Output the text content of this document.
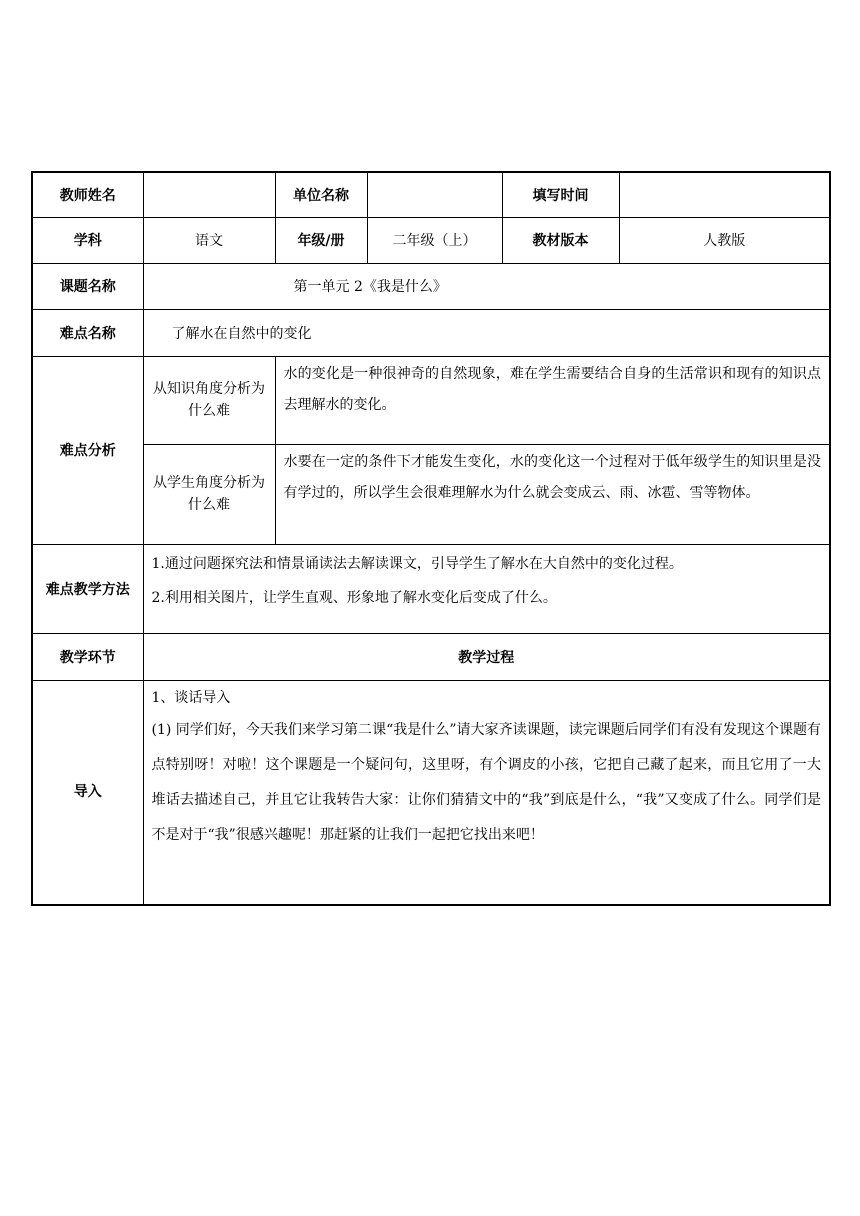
教师姓名		单位名称		填写时间	
学科	语文	年级/册	二年级（上）	教材版本	人教版
课题名称	第一单元 2《我是什么》				
难点名称	了解水在自然中的变化				
难点分析	从知识角度分析为什么难	水的变化是一种很神奇的自然现象，难在学生需要结合自身的生活常识和现有的知识点去理解水的变化。			
	从学生角度分析为什么难	水要在一定的条件下才能发生变化，水的变化这一个过程对于低年级学生的知识里是没有学过的，所以学生会很难理解水为什么就会变成云、雨、冰雹、雪等物体。			
难点教学方法	1.通过问题探究法和情景诵读法去解读课文，引导学生了解水在大自然中的变化过程。
2.利用相关图片，让学生直观、形象地了解水变化后变成了什么。				

教学环节	教学过程				
导入	1、谈话导入
(1) 同学们好，今天我们来学习第二课“我是什么”请大家齐读课题，读完课题后同学们有没有发现这个课题有点特别呀！对啦！这个课题是一个疑问句，这里呀，有个调皮的小孩，它把自己藏了起来，而且它用了一大堆话去描述自己，并且它让我转告大家：让你们猜猜文中的“我”到底是什么，“我”又变成了什么。同学们是不是对于“我”很感兴趣呢！那赶紧的让我们一起把它找出来吧！				
